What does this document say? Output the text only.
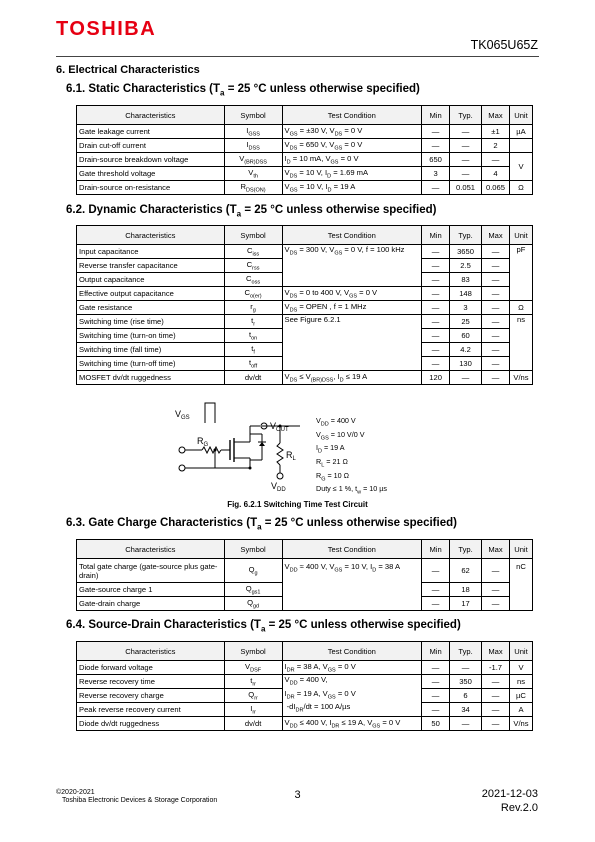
TOSHIBA
TK065U65Z
6. Electrical Characteristics
6.1. Static Characteristics ($T_a = 25$ °C unless otherwise specified)
Characteristics	Symbol	Test Condition	Min	Typ.	Max	Unit
Gate leakage current	$I_{GSS}$	$V_{GS} = \pm 30$ V, $V_{DS} = 0$ V	—	—	±1	µA
Drain cut-off current	$I_{DSS}$	$V_{DS} = 650$ V, $V_{GS} = 0$ V	—	—	2	
Drain-source breakdown voltage	$V_{(BR)DSS}$	$I_D = 10$ mA, $V_{GS} = 0$ V	650	—	—	V
Gate threshold voltage	$V_{th}$	$V_{DS} = 10$ V, $I_D = 1.69$ mA	3	—	4	
Drain-source on-resistance	$R_{DS(ON)}$	$V_{GS} = 10$ V, $I_D = 19$ A	—	0.051	0.065	Ω
6.2. Dynamic Characteristics ($T_a = 25$ °C unless otherwise specified)
Characteristics	Symbol	Test Condition	Min	Typ.	Max	Unit
Input capacitance	$C_{iss}$	$V_{DS} = 300$ V, $V_{GS} = 0$ V, f = 100 kHz	—	3650	—	pF
Reverse transfer capacitance	$C_{rss}$		—	2.5	—	
Output capacitance	$C_{oss}$		—	83	—	
Effective output capacitance	$C_{o(er)}$	$V_{DS} = 0$ to 400 V, $V_{GS} = 0$ V	—	148	—	
Gate resistance	$r_g$	$V_{DS}$ = OPEN , f = 1 MHz	—	3	—	Ω
Switching time (rise time)	$t_r$	See Figure 6.2.1	—	25	—	ns
Switching time (turn-on time)	$t_{on}$		—	60	—	
Switching time (fall time)	$t_f$		—	4.2	—	
Switching time (turn-off time)	$t_{off}$		—	130	—	
MOSFET dv/dt ruggedness	dv/dt	$V_{DS} \le V_{(BR)DSS}$, $I_D \le 19$ A	120	—	—	V/ns
$V_{GS}$
$R_G$
$V_{OUT}$
$R_L$
$V_{DD}$
$V_{DD} = 400$ V
$V_{GS} = 10$ V/0 V
$I_D = 19$ A
$R_L = 21$ Ω
$R_G = 10$ Ω
Duty ≤ 1 %, $t_w = 10$ µs
Fig. 6.2.1 Switching Time Test Circuit
6.3. Gate Charge Characteristics ($T_a = 25$ °C unless otherwise specified)
Characteristics	Symbol	Test Condition	Min	Typ.	Max	Unit
Total gate charge (gate-source plus gate-drain)	$Q_g$	$V_{DD} \approx 400$ V, $V_{GS} = 10$ V, $I_D = 38$ A	—	62	—	nC
Gate-source charge 1	$Q_{gs1}$		—	18	—	
Gate-drain charge	$Q_{gd}$		—	17	—	
6.4. Source-Drain Characteristics ($T_a = 25$ °C unless otherwise specified)
Characteristics	Symbol	Test Condition	Min	Typ.	Max	Unit
Diode forward voltage	$V_{DSF}$	$I_{DR} = 38$ A, $V_{GS} = 0$ V	—	—	-1.7	V
Reverse recovery time	$t_{rr}$	$V_{DD} = 400$ V,
$I_{DR} = 19$ A, $V_{GS} = 0$ V
$-dI_{DR}/dt = 100$ A/µs	—	350	—	ns
Reverse recovery charge	$Q_{rr}$		—	6	—	µC
Peak reverse recovery current	$I_{rr}$		—	34	—	A
Diode dv/dt ruggedness	dv/dt	$V_{DD} \le 400$ V, $I_{DR} \le 19$ A, $V_{GS} = 0$ V	50	—	—	V/ns
©2020-2021
Toshiba Electronic Devices & Storage Corporation	3	2021-12-03
Rev.2.0
